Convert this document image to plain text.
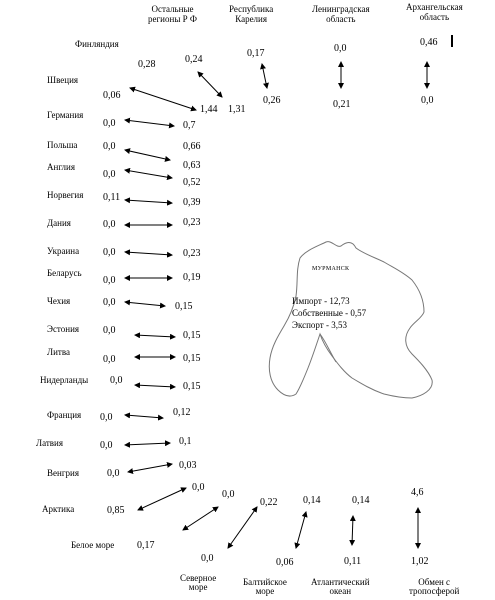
Остальные
регионы Р Ф
Республика
Карелия
Ленинградская
область
Архангельская
область
Финляндия
Швеция
Германия
Польша
Англия
Норвегия
Дания
Украина
Беларусь
Чехия
Эстония
Литва
Нидерланды
Франция
Латвия
Венгрия
Арктика
0,28
0,06
0,0
0,0
0,0
0,11
0,0
0,0
0,0
0,0
0,0
0,0
0,0
0,0
0,0
0,0
0,85
0,24
1,44
0,7
0,66
0,63
0,52
0,39
0,23
0,23
0,19
0,15
0,15
0,15
0,15
0,12
0,1
0,03
1,31
0,17
0,26
0,0
0,21
0,46
0,0
Белое море 0,17
0,0
Северное
море
0,0
0,0
Балтийское
море
0,22
0,06
0,14
Атлантический
океан
0,14
0,11
Обмен с
тропосферой
4,6
1,02
МУРМАНСК
Импорт - 12,73
Собственные - 0,57
Экспорт - 3,53
